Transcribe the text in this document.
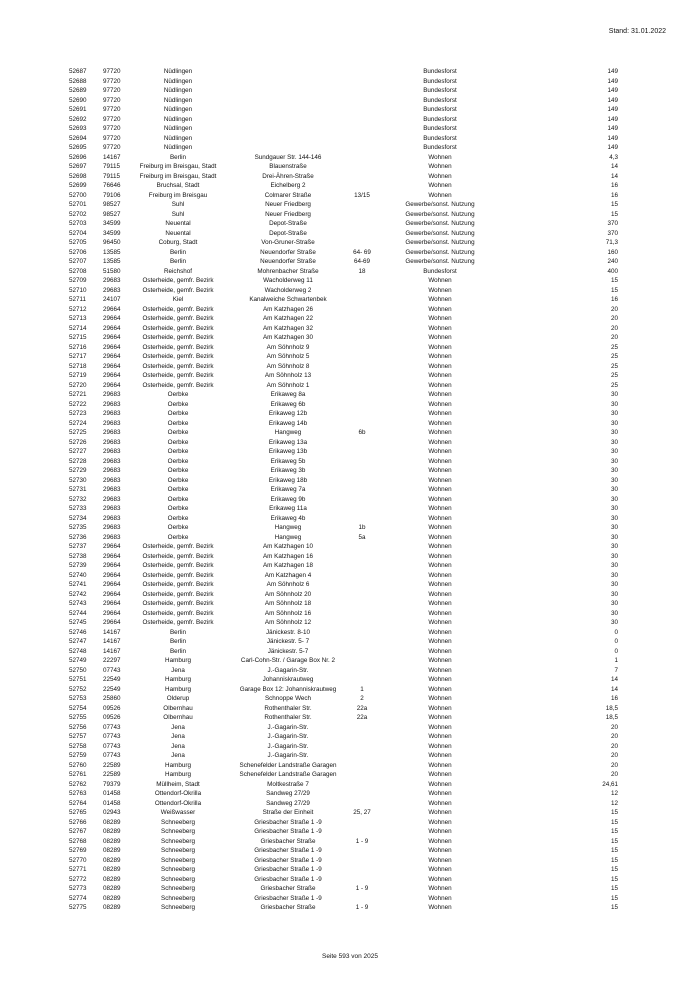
Stand: 31.01.2022
52687	97720	Nüdlingen	Bundesforst	149
52688	97720	Nüdlingen	Bundesforst	149
52689	97720	Nüdlingen	Bundesforst	149
52690	97720	Nüdlingen	Bundesforst	149
52691	97720	Nüdlingen	Bundesforst	149
52692	97720	Nüdlingen	Bundesforst	149
52693	97720	Nüdlingen	Bundesforst	149
52694	97720	Nüdlingen	Bundesforst	149
52695	97720	Nüdlingen	Bundesforst	149
52696	14167	Berlin	Sundgauer Str. 144-146	Wohnen	4,3
52697	79115	Freiburg im Breisgau, Stadt	Blauenstraße	Wohnen	14
52698	79115	Freiburg im Breisgau, Stadt	Drei-Ähren-Straße	Wohnen	14
52699	76646	Bruchsal, Stadt	Eichelberg 2	Wohnen	16
52700	79106	Freiburg im Breisgau	Colmarer Straße	13/15	Wohnen	16
52701	98527	Suhl	Neuer Friedberg	Gewerbe/sonst. Nutzung	15
52702	98527	Suhl	Neuer Friedberg	Gewerbe/sonst. Nutzung	15
52703	34599	Neuental	Depot-Straße	Gewerbe/sonst. Nutzung	370
52704	34599	Neuental	Depot-Straße	Gewerbe/sonst. Nutzung	370
52705	96450	Coburg, Stadt	Von-Gruner-Straße	Gewerbe/sonst. Nutzung	71,3
52706	13585	Berlin	Neuendorfer Straße	64- 69	Gewerbe/sonst. Nutzung	160
52707	13585	Berlin	Neuendorfer Straße	64-69	Gewerbe/sonst. Nutzung	240
52708	51580	Reichshof	Mohrenbacher Straße	18	Bundesforst	400
52709	29683	Osterheide, gemfr. Bezirk	Wacholderweg 11	Wohnen	15
52710	29683	Osterheide, gemfr. Bezirk	Wacholderweg 2	Wohnen	15
52711	24107	Kiel	Kanalweiche Schwartenbek	Wohnen	16
52712	29664	Osterheide, gemfr. Bezirk	Am Katzhagen 26	Wohnen	20
52713	29664	Osterheide, gemfr. Bezirk	Am Katzhagen 22	Wohnen	20
52714	29664	Osterheide, gemfr. Bezirk	Am Katzhagen 32	Wohnen	20
52715	29664	Osterheide, gemfr. Bezirk	Am Katzhagen 30	Wohnen	20
52716	29664	Osterheide, gemfr. Bezirk	Am Söhnholz 9	Wohnen	25
52717	29664	Osterheide, gemfr. Bezirk	Am Söhnholz 5	Wohnen	25
52718	29664	Osterheide, gemfr. Bezirk	Am Söhnholz 8	Wohnen	25
52719	29664	Osterheide, gemfr. Bezirk	Am Söhnholz 13	Wohnen	25
52720	29664	Osterheide, gemfr. Bezirk	Am Söhnholz 1	Wohnen	25
52721	29683	Oerbke	Erikaweg 8a	Wohnen	30
52722	29683	Oerbke	Erikaweg 6b	Wohnen	30
52723	29683	Oerbke	Erikaweg 12b	Wohnen	30
52724	29683	Oerbke	Erikaweg 14b	Wohnen	30
52725	29683	Oerbke	Hangweg	6b	Wohnen	30
52726	29683	Oerbke	Erikaweg 13a	Wohnen	30
52727	29683	Oerbke	Erikaweg 13b	Wohnen	30
52728	29683	Oerbke	Erikaweg 5b	Wohnen	30
52729	29683	Oerbke	Erikaweg 3b	Wohnen	30
52730	29683	Oerbke	Erikaweg 18b	Wohnen	30
52731	29683	Oerbke	Erikaweg 7a	Wohnen	30
52732	29683	Oerbke	Erikaweg 9b	Wohnen	30
52733	29683	Oerbke	Erikaweg 11a	Wohnen	30
52734	29683	Oerbke	Erikaweg 4b	Wohnen	30
52735	29683	Oerbke	Hangweg	1b	Wohnen	30
52736	29683	Oerbke	Hangweg	5a	Wohnen	30
52737	29664	Osterheide, gemfr. Bezirk	Am Katzhagen 10	Wohnen	30
52738	29664	Osterheide, gemfr. Bezirk	Am Katzhagen 16	Wohnen	30
52739	29664	Osterheide, gemfr. Bezirk	Am Katzhagen 18	Wohnen	30
52740	29664	Osterheide, gemfr. Bezirk	Am Katzhagen 4	Wohnen	30
52741	29664	Osterheide, gemfr. Bezirk	Am Söhnholz 6	Wohnen	30
52742	29664	Osterheide, gemfr. Bezirk	Am Söhnholz 20	Wohnen	30
52743	29664	Osterheide, gemfr. Bezirk	Am Söhnholz 18	Wohnen	30
52744	29664	Osterheide, gemfr. Bezirk	Am Söhnholz 16	Wohnen	30
52745	29664	Osterheide, gemfr. Bezirk	Am Söhnholz 12	Wohnen	30
52746	14167	Berlin	Jänickestr. 8-10	Wohnen	0
52747	14167	Berlin	Jänickestr. 5- 7	Wohnen	0
52748	14167	Berlin	Jänickestr. 5-7	Wohnen	0
52749	22297	Hamburg	Carl-Cohn-Str. / Garage Box Nr. 2	Wohnen	1
52750	07743	Jena	J.-Gagarin-Str.	Wohnen	7
52751	22549	Hamburg	Johanniskrautweg	Wohnen	14
52752	22549	Hamburg	Garage Box 12: Johanniskrautweg	1	Wohnen	14
52753	25860	Olderup	Schnoppe Wech	2	Wohnen	16
52754	09526	Olbernhau	Rothenthaler Str.	22a	Wohnen	18,5
52755	09526	Olbernhau	Rothenthaler Str.	22a	Wohnen	18,5
52756	07743	Jena	J.-Gagarin-Str.	Wohnen	20
52757	07743	Jena	J.-Gagarin-Str.	Wohnen	20
52758	07743	Jena	J.-Gagarin-Str.	Wohnen	20
52759	07743	Jena	J.-Gagarin-Str.	Wohnen	20
52760	22589	Hamburg	Schenefelder Landstraße Garagen	Wohnen	20
52761	22589	Hamburg	Schenefelder Landstraße Garagen	Wohnen	20
52762	79379	Müllheim, Stadt	Moltkestraße 7	Wohnen	24,61
52763	01458	Ottendorf-Okrilla	Sandweg 27/29	Wohnen	12
52764	01458	Ottendorf-Okrilla	Sandweg 27/29	Wohnen	12
52765	02943	Weißwasser	Straße der Einheit	25, 27	Wohnen	15
52766	08289	Schneeberg	Griesbacher Straße 1 -9	Wohnen	15
52767	08289	Schneeberg	Griesbacher Straße 1 -9	Wohnen	15
52768	08289	Schneeberg	Griesbacher Straße	1 - 9	Wohnen	15
52769	08289	Schneeberg	Griesbacher Straße 1 -9	Wohnen	15
52770	08289	Schneeberg	Griesbacher Straße 1 -9	Wohnen	15
52771	08289	Schneeberg	Griesbacher Straße 1 -9	Wohnen	15
52772	08289	Schneeberg	Griesbacher Straße 1 -9	Wohnen	15
52773	08289	Schneeberg	Griesbacher Straße	1 - 9	Wohnen	15
52774	08289	Schneeberg	Griesbacher Straße 1 -9	Wohnen	15
52775	08289	Schneeberg	Griesbacher Straße	1 - 9	Wohnen	15
Seite 593 von 2025
